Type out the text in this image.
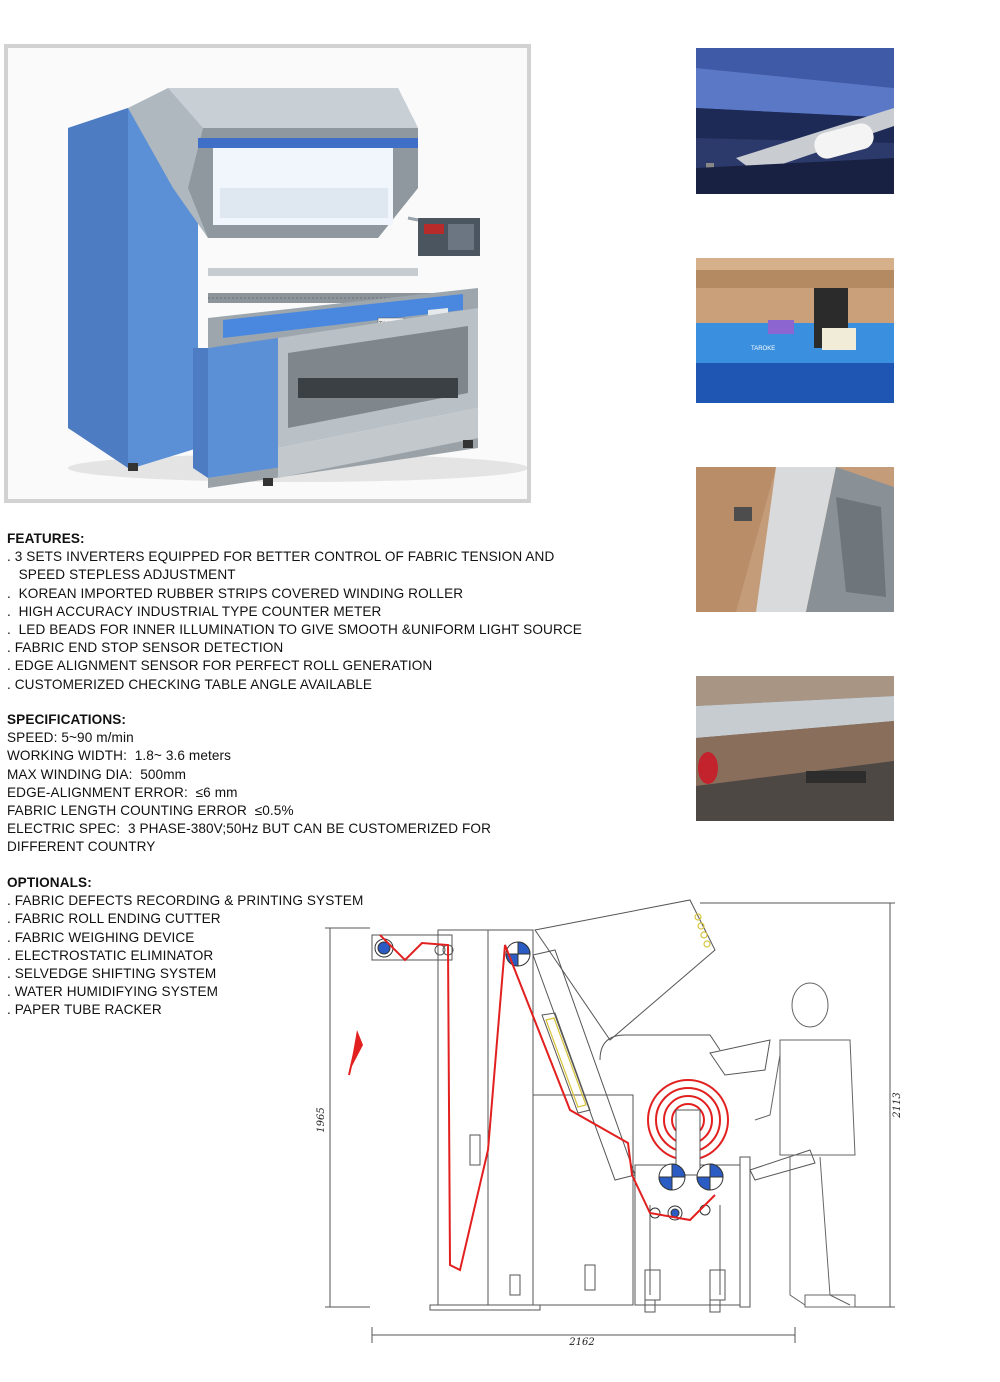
TAROKE
FEATURES:
. 3 SETS INVERTERS EQUIPPED FOR BETTER CONTROL OF FABRIC TENSION AND
SPEED STEPLESS ADJUSTMENT
.  KOREAN IMPORTED RUBBER STRIPS COVERED WINDING ROLLER
.  HIGH ACCURACY INDUSTRIAL TYPE COUNTER METER
.  LED BEADS FOR INNER ILLUMINATION TO GIVE SMOOTH &UNIFORM LIGHT SOURCE
. FABRIC END STOP SENSOR DETECTION
. EDGE ALIGNMENT SENSOR FOR PERFECT ROLL GENERATION
. CUSTOMERIZED CHECKING TABLE ANGLE AVAILABLE
SPECIFICATIONS:
SPEED: 5~90 m/min
WORKING WIDTH:  1.8~ 3.6 meters
MAX WINDING DIA:  500mm
EDGE-ALIGNMENT ERROR:  ≤6 mm
FABRIC LENGTH COUNTING ERROR  ≤0.5%
ELECTRIC SPEC:  3 PHASE-380V;50Hz BUT CAN BE CUSTOMERIZED FOR
DIFFERENT COUNTRY
OPTIONALS:
. FABRIC DEFECTS RECORDING & PRINTING SYSTEM
. FABRIC ROLL ENDING CUTTER
. FABRIC WEIGHING DEVICE
. ELECTROSTATIC ELIMINATOR
. SELVEDGE SHIFTING SYSTEM
. WATER HUMIDIFYING SYSTEM
. PAPER TUBE RACKER
1965
2113
2162
